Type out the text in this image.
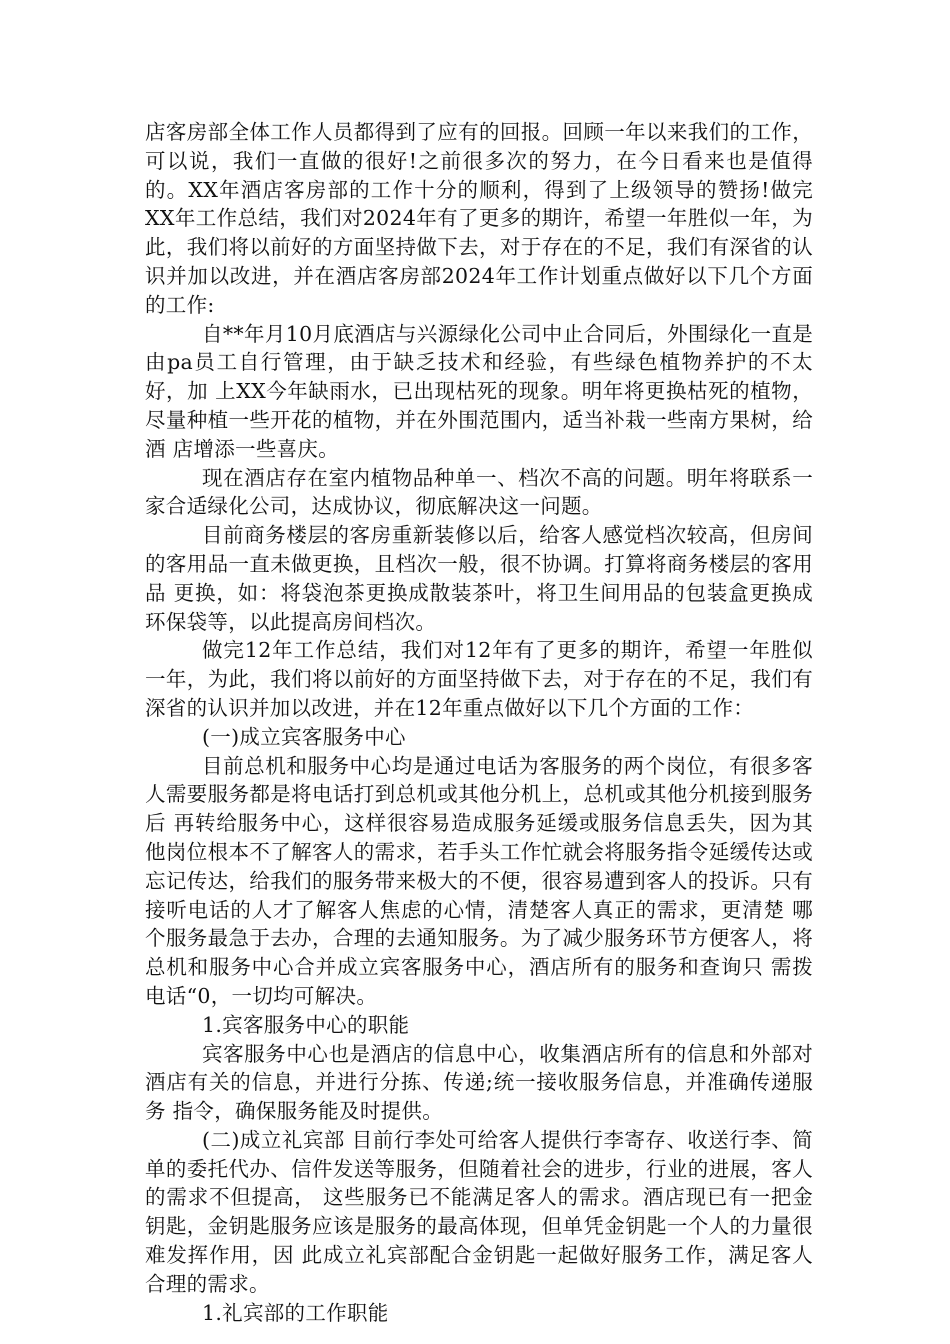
店客房部全体工作人员都得到了应有的回报。回顾一年以来我们的工作，可以说，我们一直做的很好!之前很多次的努力，在今日看来也是值得的。XX年酒店客房部的工作十分的顺利，得到了上级领导的赞扬!做完XX年工作总结，我们对2024年有了更多的期许，希望一年胜似一年，为此，我们将以前好的方面坚持做下去，对于存在的不足，我们有深省的认识并加以改进，并在酒店客房部2024年工作计划重点做好以下几个方面的工作:

自**年月10月底酒店与兴源绿化公司中止合同后，外围绿化一直是由pa员工自行管理，由于缺乏技术和经验，有些绿色植物养护的不太好，加 上XX今年缺雨水，已出现枯死的现象。明年将更换枯死的植物，尽量种植一些开花的植物，并在外围范围内，适当补栽一些南方果树，给酒 店增添一些喜庆。

现在酒店存在室内植物品种单一、档次不高的问题。明年将联系一家合适绿化公司，达成协议，彻底解决这一问题。

目前商务楼层的客房重新装修以后，给客人感觉档次较高，但房间的客用品一直未做更换，且档次一般，很不协调。打算将商务楼层的客用品 更换，如：将袋泡茶更换成散装茶叶，将卫生间用品的包装盒更换成环保袋等，以此提高房间档次。

做完12年工作总结，我们对12年有了更多的期许，希望一年胜似一年，为此，我们将以前好的方面坚持做下去，对于存在的不足，我们有深省的认识并加以改进，并在12年重点做好以下几个方面的工作：

(一)成立宾客服务中心

目前总机和服务中心均是通过电话为客服务的两个岗位，有很多客人需要服务都是将电话打到总机或其他分机上，总机或其他分机接到服务后 再转给服务中心，这样很容易造成服务延缓或服务信息丢失，因为其他岗位根本不了解客人的需求，若手头工作忙就会将服务指令延缓传达或 忘记传达，给我们的服务带来极大的不便，很容易遭到客人的投诉。只有接听电话的人才了解客人焦虑的心情，清楚客人真正的需求，更清楚 哪个服务最急于去办，合理的去通知服务。为了减少服务环节方便客人，将总机和服务中心合并成立宾客服务中心，酒店所有的服务和查询只 需拨电话“0，一切均可解决。

1.宾客服务中心的职能

宾客服务中心也是酒店的信息中心，收集酒店所有的信息和外部对酒店有关的信息，并进行分拣、传递;统一接收服务信息，并准确传递服务 指令，确保服务能及时提供。

(二)成立礼宾部 目前行李处可给客人提供行李寄存、收送行李、简单的委托代办、信件发送等服务，但随着社会的进步，行业的进展，客人的需求不但提高， 这些服务已不能满足客人的需求。酒店现已有一把金钥匙，金钥匙服务应该是服务的最高体现，但单凭金钥匙一个人的力量很难发挥作用，因 此成立礼宾部配合金钥匙一起做好服务工作，满足客人合理的需求。

1.礼宾部的工作职能
